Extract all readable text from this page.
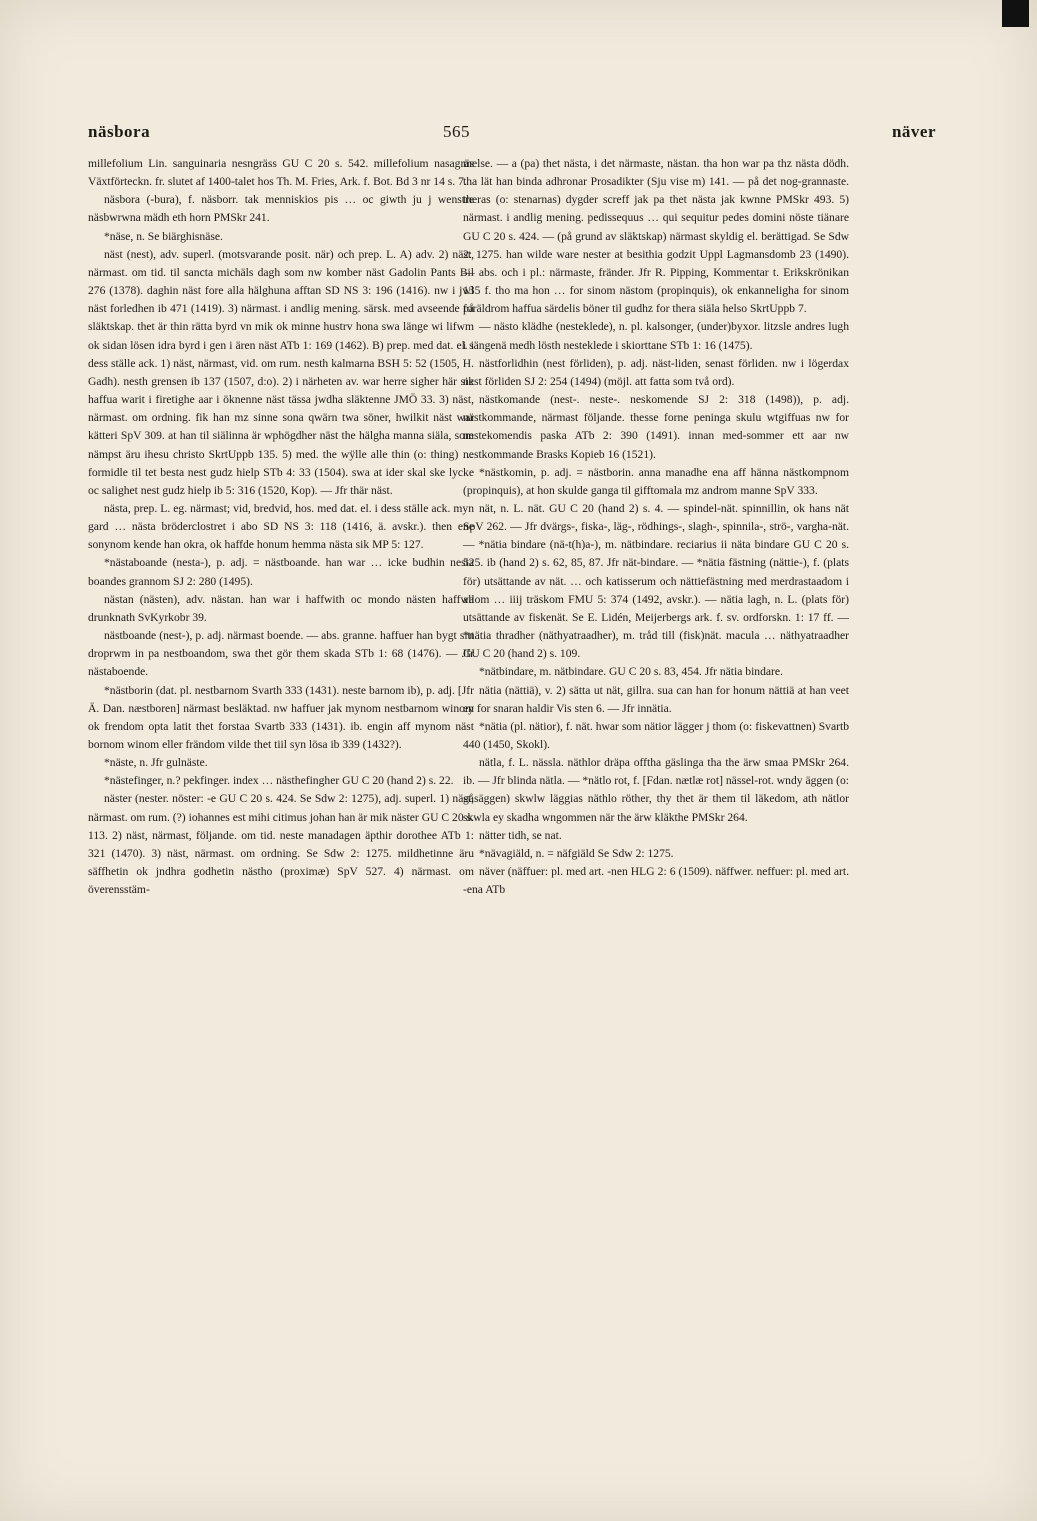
näsbora	565	näver

millefolium Lin. sanguinaria nesngräss GU C 20 s. 542. millefolium nasagräs Växtförteckn. fr. slutet af 1400-talet hos Th. M. Fries, Ark. f. Bot. Bd 3 nr 14 s. 7.

näsbora (-bura), f. näsborr. tak menniskios pis … oc giwth ju j wenstre näsbwrwna mädh eth horn PMSkr 241.

*näse, n. Se biärghisnäse.

näst (nest), adv. superl. (motsvarande posit. när) och prep. L. A) adv. 2) näst, närmast. om tid. til sancta michäls dagh som nw komber näst Gadolin Pants Bil 276 (1378). daghin näst fore alla hälghuna afftan SD NS 3: 196 (1416). nw i jwl näst forledhen ib 471 (1419). 3) närmast. i andlig mening. särsk. med avseende på släktskap. thet är thin rätta byrd vn mik ok minne hustrv hona swa länge wi lifwm ok sidan lösen idra byrd i gen i ären näst ATb 1: 169 (1462). B) prep. med dat. el. i dess ställe ack. 1) näst, närmast, vid. om rum. nesth kalmarna BSH 5: 52 (1505, H. Gadh). nesth grensen ib 137 (1507, d:o). 2) i närheten av. war herre sigher här sik haffua warit i firetighe aar i öknenne näst tässa jwdha släktenne JMÖ 33. 3) näst, närmast. om ordning. fik han mz sinne sona qwärn twa söner, hwilkit näst war kätteri SpV 309. at han til siälinna är wphögdher näst the hälgha manna siäla, som nämpst äru ihesu christo SkrtUppb 135. 5) med. the wÿlle alle thin (o: thing) … formidle til tet besta nest gudz hielp STb 4: 33 (1504). swa at ider skal ske lycke oc salighet nest gudz hielp ib 5: 316 (1520, Kop). — Jfr thär näst.

nästa, prep. L. eg. närmast; vid, bredvid, hos. med dat. el. i dess ställe ack. myn gard … nästa bröderclostret i abo SD NS 3: 118 (1416, ä. avskr.). then ene sonynom kende han okra, ok haffde honum hemma nästa sik MP 5: 127.

*nästaboande (nesta-), p. adj. = nästboande. han war … icke budhin nesta boandes grannom SJ 2: 280 (1495).

nästan (nästen), adv. nästan. han war i haffwith oc mondo nästen haffwa drunknath SvKyrkobr 39.

nästboande (nest-), p. adj. närmast boende. — abs. granne. haffuer han bygt sitt droprwm in pa nestboandom, swa thet gör them skada STb 1: 68 (1476). — Jfr nästaboende.

*nästborin (dat. pl. nestbarnom Svarth 333 (1431). neste barnom ib), p. adj. [Jfr Ä. Dan. næstboren] närmast besläktad. nw haffuer jak mynom nestbarnom winom ok frendom opta latit thet forstaa Svartb 333 (1431). ib. engin aff mynom näst bornom winom eller frändom vilde thet tiil syn lösa ib 339 (1432?).

*näste, n. Jfr gulnäste.

*nästefinger, n.? pekfinger. index … nästhefingher GU C 20 (hand 2) s. 22.

näster (nester. nöster: -e GU C 20 s. 424. Se Sdw 2: 1275), adj. superl. 1) näst, närmast. om rum. (?) iohannes est mihi citimus johan han är mik näster GU C 20 s. 113. 2) näst, närmast, följande. om tid. neste manadagen äpthir dorothee ATb 1: 321 (1470). 3) näst, närmast. om ordning. Se Sdw 2: 1275. mildhetinne äru säffhetin ok jndhra godhetin nästho (proximæ) SpV 527. 4) närmast. om överensstäm-

melse. — a (pa) thet nästa, i det närmaste, nästan. tha hon war pa thz nästa dödh. tha lät han binda adhronar Prosadikter (Sju vise m) 141. — på det nog-grannaste. theras (o: stenarnas) dygder screff jak pa thet nästa jak kwnne PMSkr 493. 5) närmast. i andlig mening. pedissequus … qui sequitur pedes domini nöste tiänare GU C 20 s. 424. — (på grund av släktskap) närmast skyldig el. berättigad. Se Sdw 2: 1275. han wilde ware nester at besithia godzit Uppl Lagmansdomb 23 (1490). — abs. och i pl.: närmaste, fränder. Jfr R. Pipping, Kommentar t. Erikskrönikan 135 f. tho ma hon … for sinom nästom (propinquis), ok enkanneligha for sinom foräldrom haffua särdelis böner til gudhz for thera siäla helso SkrtUppb 7.

— nästo klädhe (nesteklede), n. pl. kalsonger, (under)byxor. litzsle andres lugh i sängenä medh lösth nesteklede i skiorttane STb 1: 16 (1475).

nästforlidhin (nest förliden), p. adj. näst-liden, senast förliden. nw i lögerdax nest förliden SJ 2: 254 (1494) (möjl. att fatta som två ord).

nästkomande (nest-. neste-. neskomende SJ 2: 318 (1498)), p. adj. nästkommande, närmast följande. thesse forne peninga skulu wtgiffuas nw for nestekomendis paska ATb 2: 390 (1491). innan med-sommer ett aar nw nestkommande Brasks Kopieb 16 (1521).

*nästkomin, p. adj. = nästborin. anna manadhe ena aff hänna nästkompnom (propinquis), at hon skulde ganga til gifftomala mz androm manne SpV 333.

nät, n. L. nät. GU C 20 (hand 2) s. 4. — spindel-nät. spinnillin, ok hans nät SpV 262. — Jfr dvärgs-, fiska-, läg-, rödhings-, slagh-, spinnila-, strö-, vargha-nät. — *nätia bindare (nä-t(h)a-), m. nätbindare. reciarius ii näta bindare GU C 20 s. 525. ib (hand 2) s. 62, 85, 87. Jfr nät-bindare. — *nätia fästning (nättie-), f. (plats för) utsättande av nät. … och katisserum och nättiefästning med merdrastaadom i allom … iiij träskom FMU 5: 374 (1492, avskr.). — nätia lagh, n. L. (plats för) utsättande av fiskenät. Se E. Lidén, Meijerbergs ark. f. sv. ordforskn. 1: 17 ff. — *nätia thradher (näthyatraadher), m. tråd till (fisk)nät. macula … näthyatraadher GU C 20 (hand 2) s. 109.

*nätbindare, m. nätbindare. GU C 20 s. 83, 454. Jfr nätia bindare.

nätia (nättiä), v. 2) sätta ut nät, gillra. sua can han for honum nättiä at han veet ey for snaran haldir Vis sten 6. — Jfr innätia.

*nätia (pl. nätior), f. nät. hwar som nätior lägger j thom (o: fiskevattnen) Svartb 440 (1450, Skokl).

nätla, f. L. nässla. näthlor dräpa offtha gäslinga tha the ärw smaa PMSkr 264. ib. — Jfr blinda nätla. — *nätlo rot, f. [Fdan. nætlæ rot] nässel-rot. wndy äggen (o: gåsäggen) skwlw läggias näthlo röther, thy thet är them til läkedom, ath nätlor skwla ey skadha wngommen när the ärw kläkthe PMSkr 264.

nätter tidh, se nat.

*nävagiäld, n. = näfgiäld Se Sdw 2: 1275.

näver (näffuer: pl. med art. -nen HLG 2: 6 (1509). näffwer. neffuer: pl. med art. -ena ATb
